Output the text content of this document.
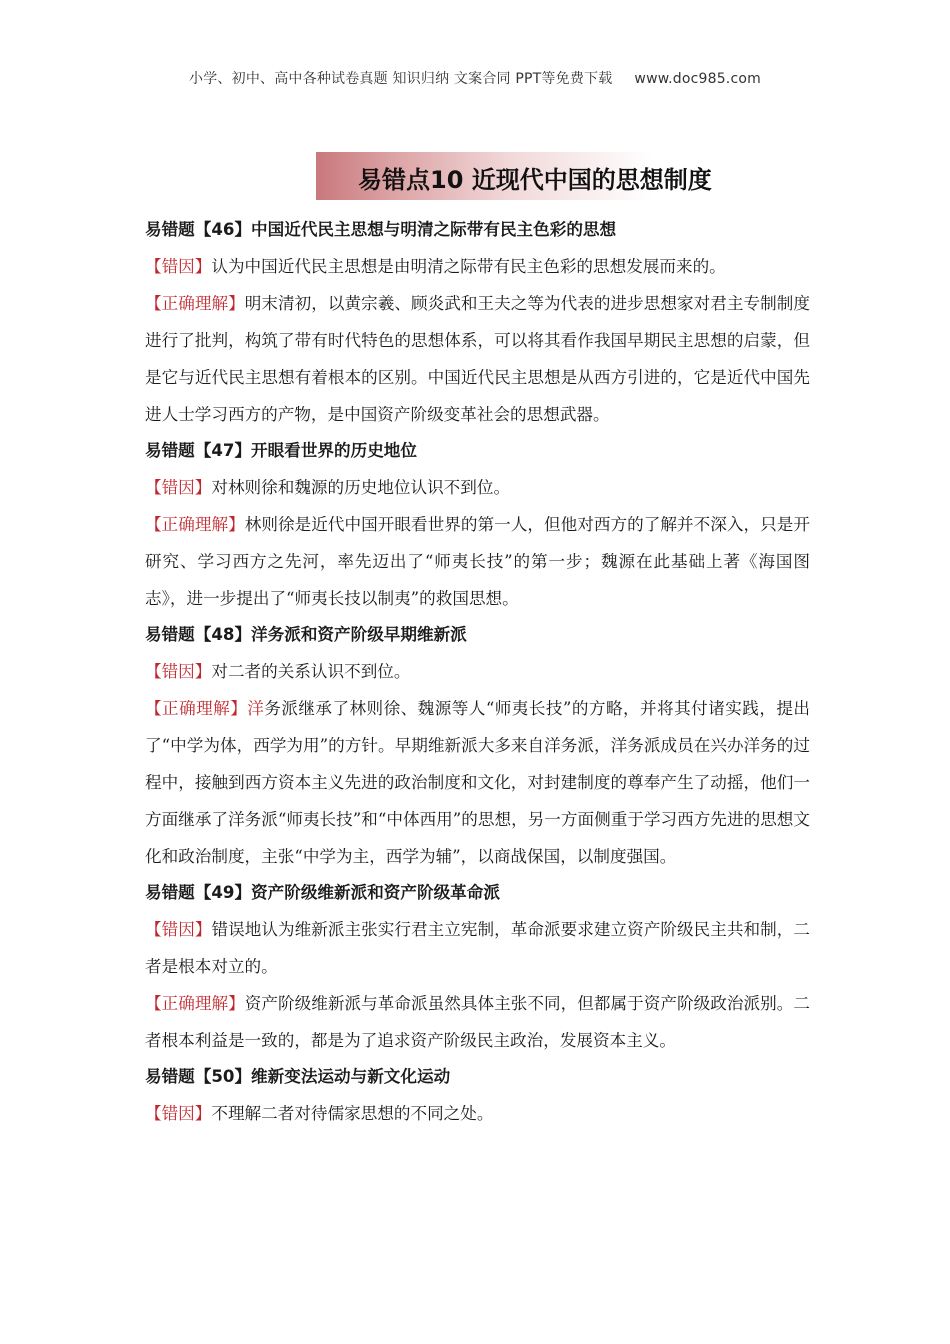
小学、初中、高中各种试卷真题 知识归纳 文案合同 PPT等免费下载 www.doc985.com
易错点10 近现代中国的思想制度
易错题【46】中国近代民主思想与明清之际带有民主色彩的思想
【错因】认为中国近代民主思想是由明清之际带有民主色彩的思想发展而来的。
【正确理解】明末清初，以黄宗羲、顾炎武和王夫之等为代表的进步思想家对君主专制制度进行了批判，构筑了带有时代特色的思想体系，可以将其看作我国早期民主思想的启蒙，但是它与近代民主思想有着根本的区别。中国近代民主思想是从西方引进的，它是近代中国先进人士学习西方的产物，是中国资产阶级变革社会的思想武器。
易错题【47】开眼看世界的历史地位
【错因】对林则徐和魏源的历史地位认识不到位。
【正确理解】林则徐是近代中国开眼看世界的第一人，但他对西方的了解并不深入，只是开研究、学习西方之先河，率先迈出了“师夷长技”的第一步；魏源在此基础上著《海国图志》，进一步提出了“师夷长技以制夷”的救国思想。
易错题【48】洋务派和资产阶级早期维新派
【错因】对二者的关系认识不到位。
【正确理解】洋务派继承了林则徐、魏源等人“师夷长技”的方略，并将其付诸实践，提出了“中学为体，西学为用”的方针。早期维新派大多来自洋务派，洋务派成员在兴办洋务的过程中，接触到西方资本主义先进的政治制度和文化，对封建制度的尊奉产生了动摇，他们一方面继承了洋务派“师夷长技”和“中体西用”的思想，另一方面侧重于学习西方先进的思想文化和政治制度，主张“中学为主，西学为辅”，以商战保国，以制度强国。
易错题【49】资产阶级维新派和资产阶级革命派
【错因】错误地认为维新派主张实行君主立宪制，革命派要求建立资产阶级民主共和制，二者是根本对立的。
【正确理解】资产阶级维新派与革命派虽然具体主张不同，但都属于资产阶级政治派别。二者根本利益是一致的，都是为了追求资产阶级民主政治，发展资本主义。
易错题【50】维新变法运动与新文化运动
【错因】不理解二者对待儒家思想的不同之处。
